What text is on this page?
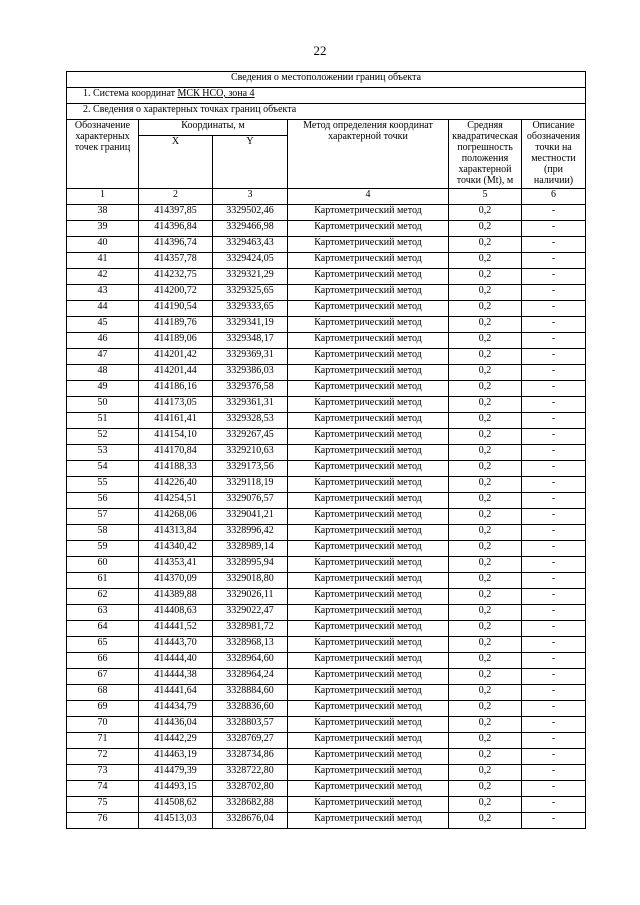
22
Сведения о местоположении границ объекта					
1. Система координат МСК НСО, зона 4					
2. Сведения о характерных точках границ объекта					
Обозначение характерных точек границ	Координаты, м		Метод определения координат характерной точки	Средняя квадратическая погрешность положения характерной точки (Mt), м	Описание обозначения точки на местности (при наличии)
	X	Y			
1	2	3	4	5	6
38	414397,85	3329502,46	Картометрический метод	0,2	-
39	414396,84	3329466,98	Картометрический метод	0,2	-
40	414396,74	3329463,43	Картометрический метод	0,2	-
41	414357,78	3329424,05	Картометрический метод	0,2	-
42	414232,75	3329321,29	Картометрический метод	0,2	-
43	414200,72	3329325,65	Картометрический метод	0,2	-
44	414190,54	3329333,65	Картометрический метод	0,2	-
45	414189,76	3329341,19	Картометрический метод	0,2	-
46	414189,06	3329348,17	Картометрический метод	0,2	-
47	414201,42	3329369,31	Картометрический метод	0,2	-
48	414201,44	3329386,03	Картометрический метод	0,2	-
49	414186,16	3329376,58	Картометрический метод	0,2	-
50	414173,05	3329361,31	Картометрический метод	0,2	-
51	414161,41	3329328,53	Картометрический метод	0,2	-
52	414154,10	3329267,45	Картометрический метод	0,2	-
53	414170,84	3329210,63	Картометрический метод	0,2	-
54	414188,33	3329173,56	Картометрический метод	0,2	-
55	414226,40	3329118,19	Картометрический метод	0,2	-
56	414254,51	3329076,57	Картометрический метод	0,2	-
57	414268,06	3329041,21	Картометрический метод	0,2	-
58	414313,84	3328996,42	Картометрический метод	0,2	-
59	414340,42	3328989,14	Картометрический метод	0,2	-
60	414353,41	3328995,94	Картометрический метод	0,2	-
61	414370,09	3329018,80	Картометрический метод	0,2	-
62	414389,88	3329026,11	Картометрический метод	0,2	-
63	414408,63	3329022,47	Картометрический метод	0,2	-
64	414441,52	3328981,72	Картометрический метод	0,2	-
65	414443,70	3328968,13	Картометрический метод	0,2	-
66	414444,40	3328964,60	Картометрический метод	0,2	-
67	414444,38	3328964,24	Картометрический метод	0,2	-
68	414441,64	3328884,60	Картометрический метод	0,2	-
69	414434,79	3328836,60	Картометрический метод	0,2	-
70	414436,04	3328803,57	Картометрический метод	0,2	-
71	414442,29	3328769,27	Картометрический метод	0,2	-
72	414463,19	3328734,86	Картометрический метод	0,2	-
73	414479,39	3328722,80	Картометрический метод	0,2	-
74	414493,15	3328702,80	Картометрический метод	0,2	-
75	414508,62	3328682,88	Картометрический метод	0,2	-
76	414513,03	3328676,04	Картометрический метод	0,2	-
